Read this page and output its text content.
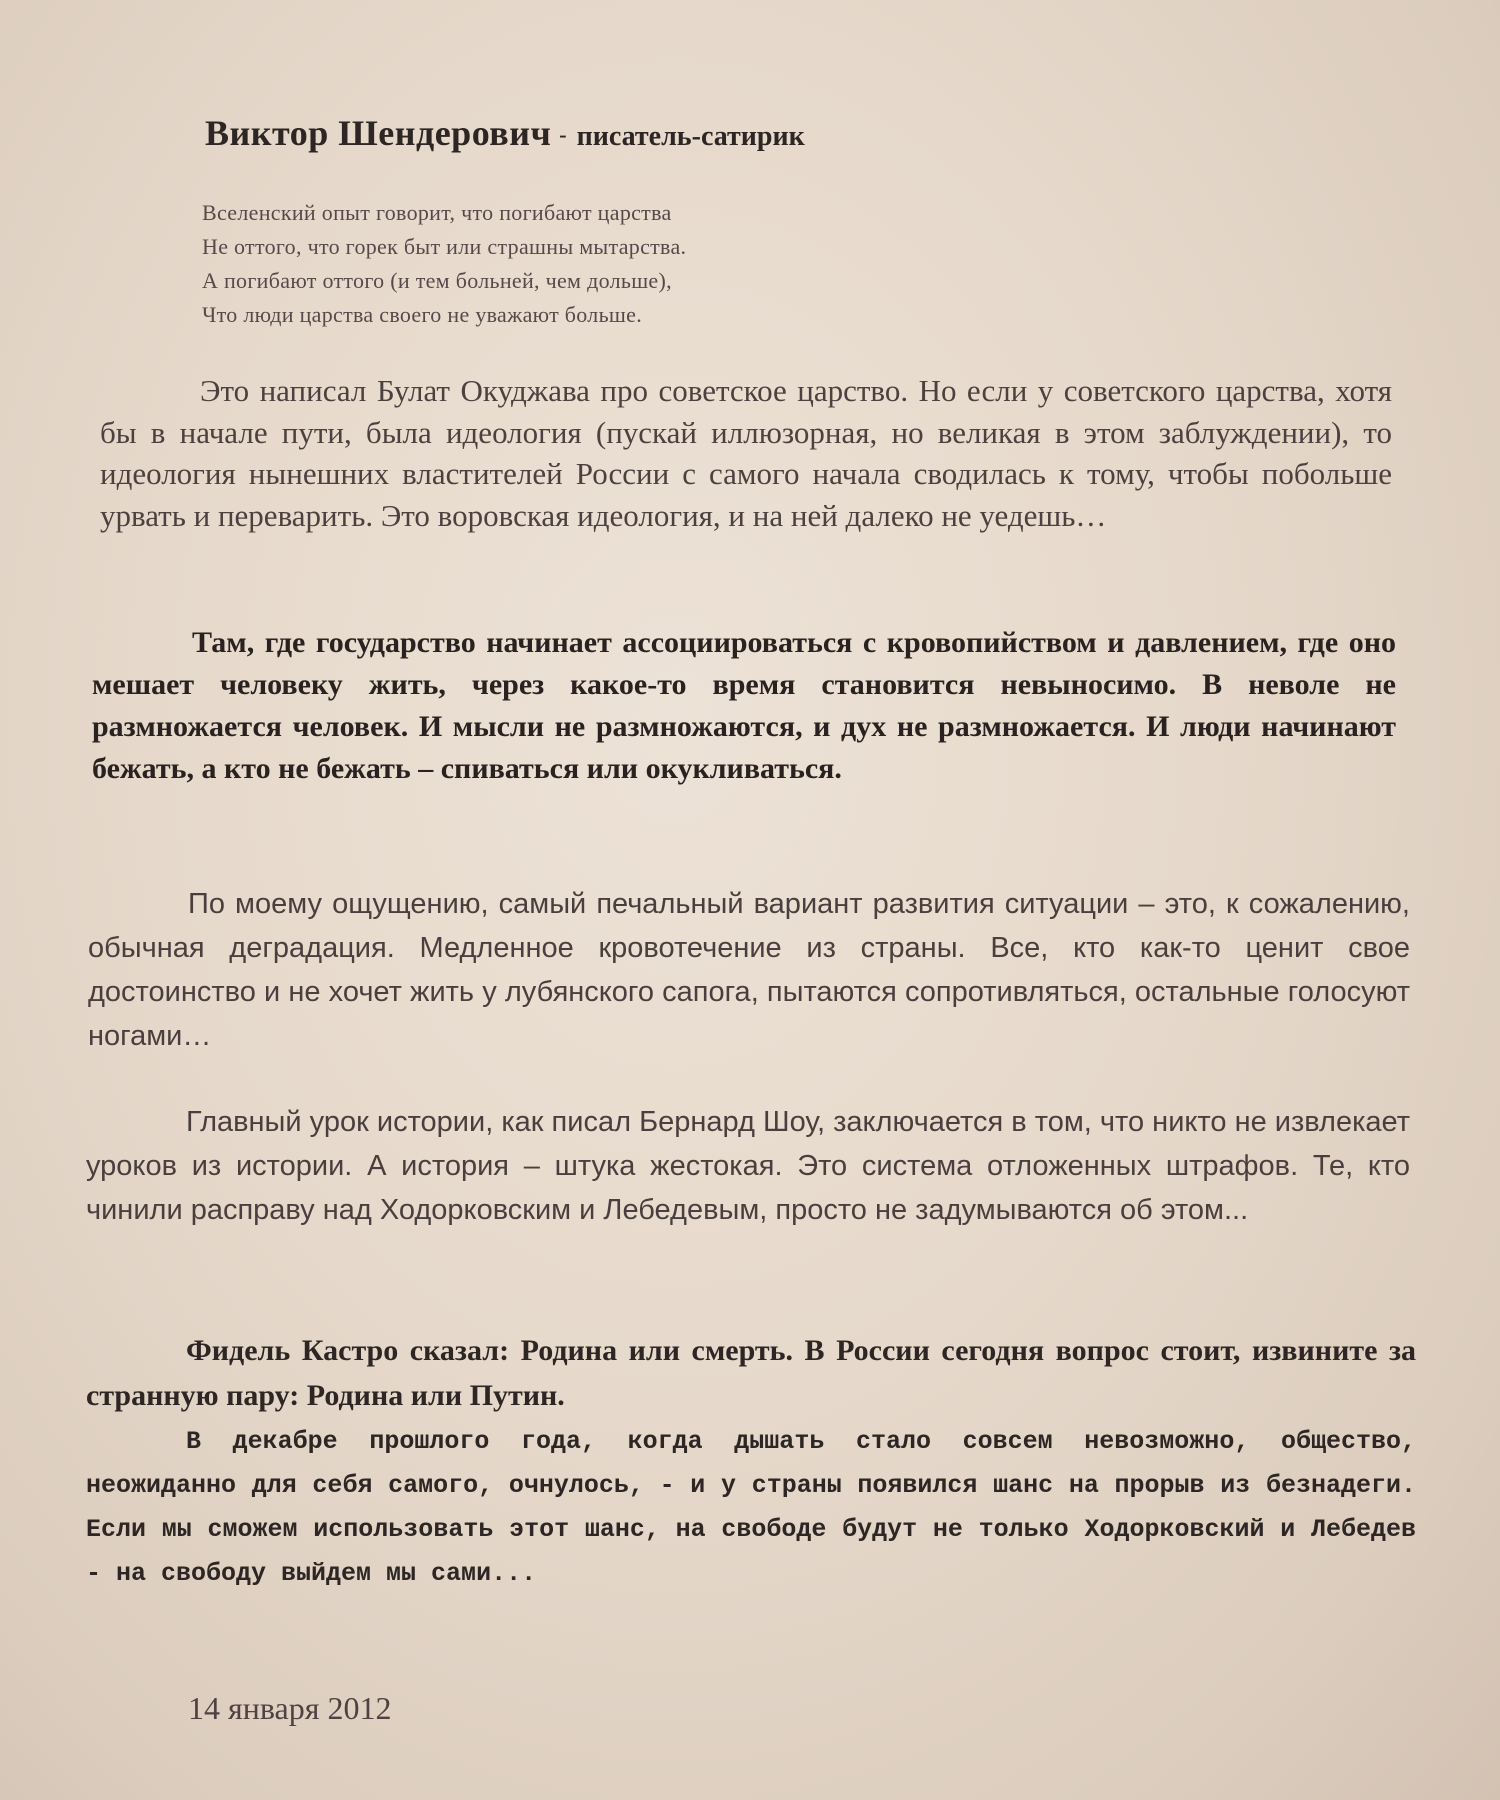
Виктор Шендерович - писатель-сатирик
Вселенский опыт говорит, что погибают царства
Не оттого, что горек быт или страшны мытарства.
А погибают оттого (и тем больней, чем дольше),
Что люди царства своего не уважают больше.

Это написал Булат Окуджава про советское царство. Но если у советского царства, хотя бы в начале пути, была идеология (пускай иллюзорная, но великая в этом заблуждении), то идеология нынешних властителей России с самого начала сводилась к тому, чтобы побольше урвать и переварить. Это воровская идеология, и на ней далеко не уедешь…

Там, где государство начинает ассоциироваться с кровопийством и давлением, где оно мешает человеку жить, через какое-то время становится невыносимо. В неволе не размножается человек. И мысли не размножаются, и дух не размножается. И люди начинают бежать, а кто не бежать – спиваться или окукливаться.

По моему ощущению, самый печальный вариант развития ситуации – это, к сожалению, обычная деградация. Медленное кровотечение из страны. Все, кто как-то ценит свое достоинство и не хочет жить у лубянского сапога, пытаются сопротивляться, остальные голосуют ногами…

Главный урок истории, как писал Бернард Шоу, заключается в том, что никто не извлекает уроков из истории. А история – штука жестокая. Это система отложенных штрафов. Те, кто чинили расправу над Ходорковским и Лебедевым, просто не задумываются об этом...

Фидель Кастро сказал: Родина или смерть. В России сегодня вопрос стоит, извините за странную пару: Родина или Путин.

В декабре прошлого года, когда дышать стало совсем невозможно, общество, неожиданно для себя самого, очнулось, - и у страны появился шанс на прорыв из безнадеги. Если мы сможем использовать этот шанс, на свободе будут не только Ходорковский и Лебедев - на свободу выйдем мы сами...

14 января 2012
